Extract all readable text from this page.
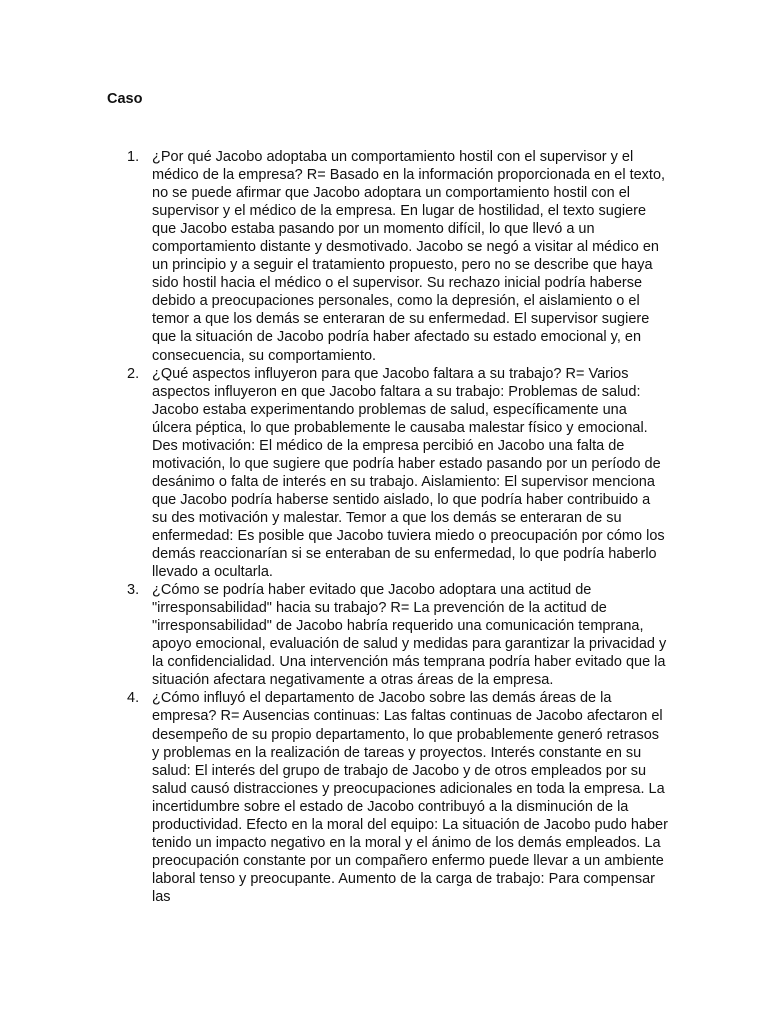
Caso
1. ¿Por qué Jacobo adoptaba un comportamiento hostil con el supervisor y el médico de la empresa? R= Basado en la información proporcionada en el texto, no se puede afirmar que Jacobo adoptara un comportamiento hostil con el supervisor y el médico de la empresa. En lugar de hostilidad, el texto sugiere que Jacobo estaba pasando por un momento difícil, lo que llevó a un comportamiento distante y desmotivado. Jacobo se negó a visitar al médico en un principio y a seguir el tratamiento propuesto, pero no se describe que haya sido hostil hacia el médico o el supervisor. Su rechazo inicial podría haberse debido a preocupaciones personales, como la depresión, el aislamiento o el temor a que los demás se enteraran de su enfermedad. El supervisor sugiere que la situación de Jacobo podría haber afectado su estado emocional y, en consecuencia, su comportamiento.
2. ¿Qué aspectos influyeron para que Jacobo faltara a su trabajo? R= Varios aspectos influyeron en que Jacobo faltara a su trabajo: Problemas de salud: Jacobo estaba experimentando problemas de salud, específicamente una úlcera péptica, lo que probablemente le causaba malestar físico y emocional. Des motivación: El médico de la empresa percibió en Jacobo una falta de motivación, lo que sugiere que podría haber estado pasando por un período de desánimo o falta de interés en su trabajo. Aislamiento: El supervisor menciona que Jacobo podría haberse sentido aislado, lo que podría haber contribuido a su des motivación y malestar. Temor a que los demás se enteraran de su enfermedad: Es posible que Jacobo tuviera miedo o preocupación por cómo los demás reaccionarían si se enteraban de su enfermedad, lo que podría haberlo llevado a ocultarla.
3. ¿Cómo se podría haber evitado que Jacobo adoptara una actitud de "irresponsabilidad" hacia su trabajo? R= La prevención de la actitud de "irresponsabilidad" de Jacobo habría requerido una comunicación temprana, apoyo emocional, evaluación de salud y medidas para garantizar la privacidad y la confidencialidad. Una intervención más temprana podría haber evitado que la situación afectara negativamente a otras áreas de la empresa.
4. ¿Cómo influyó el departamento de Jacobo sobre las demás áreas de la empresa? R= Ausencias continuas: Las faltas continuas de Jacobo afectaron el desempeño de su propio departamento, lo que probablemente generó retrasos y problemas en la realización de tareas y proyectos. Interés constante en su salud: El interés del grupo de trabajo de Jacobo y de otros empleados por su salud causó distracciones y preocupaciones adicionales en toda la empresa. La incertidumbre sobre el estado de Jacobo contribuyó a la disminución de la productividad. Efecto en la moral del equipo: La situación de Jacobo pudo haber tenido un impacto negativo en la moral y el ánimo de los demás empleados. La preocupación constante por un compañero enfermo puede llevar a un ambiente laboral tenso y preocupante. Aumento de la carga de trabajo: Para compensar las
